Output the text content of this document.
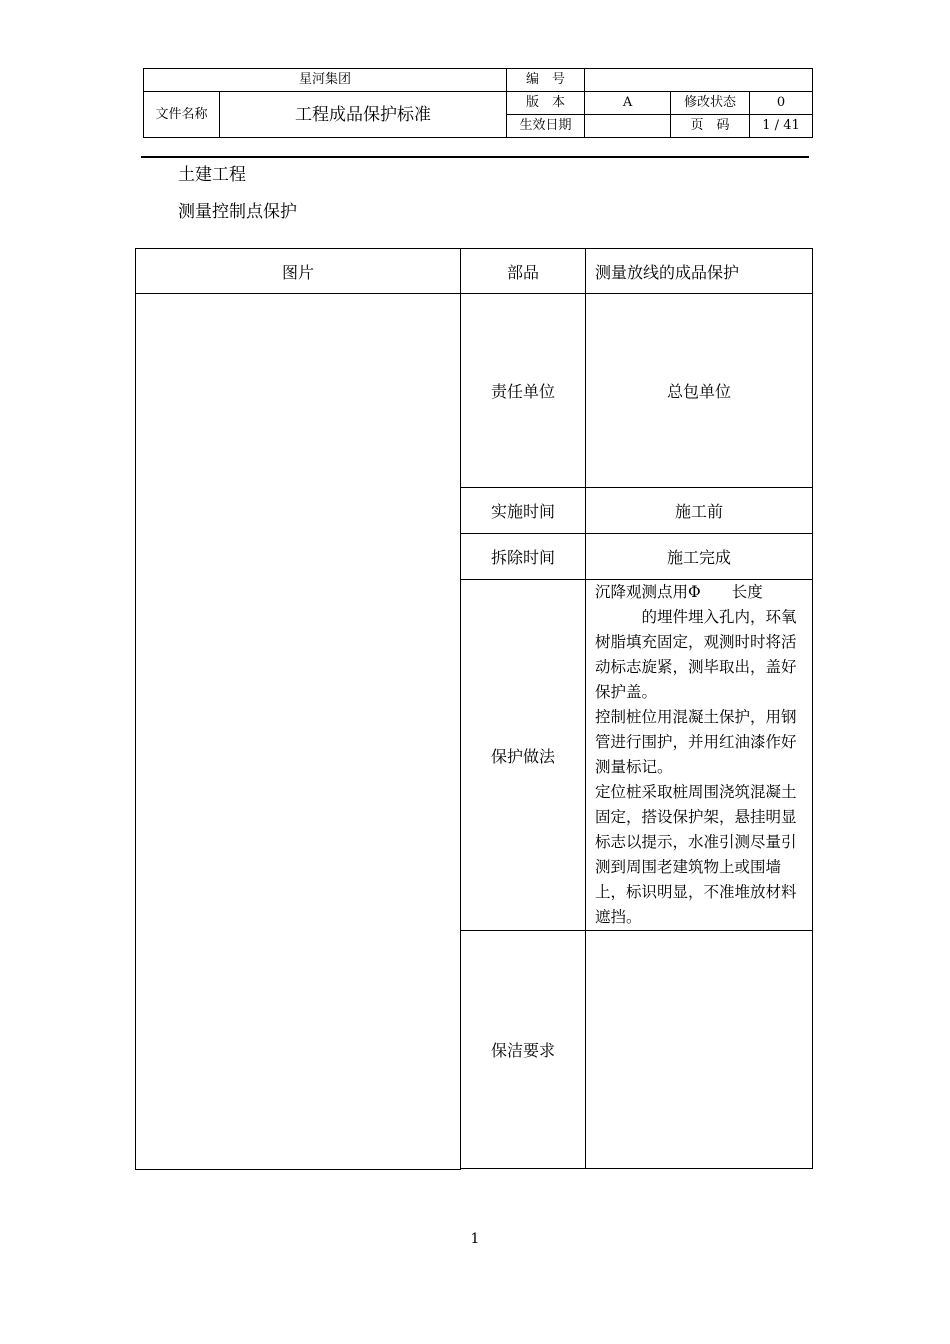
星河集团		编　号			
文件名称	工程成品保护标准	版　本	A	修改状态	0
		生效日期		页　码	1 / 41
土建工程
测量控制点保护
图片	部品	测量放线的成品保护
	责任单位	总包单位
	实施时间	施工前
	拆除时间	施工完成
	保护做法	沉降观测点用Φ　　长度

　　　的埋件埋入孔内，环氧树脂填充固定，观测时时将活动标志旋紧，测毕取出，盖好保护盖。

控制桩位用混凝土保护，用钢管进行围护，并用红油漆作好测量标记。

定位桩采取桩周围浇筑混凝土固定，搭设保护架，悬挂明显标志以提示，水准引测尽量引测到周围老建筑物上或围墙上，标识明显，不准堆放材料遮挡。

	保洁要求	

1
